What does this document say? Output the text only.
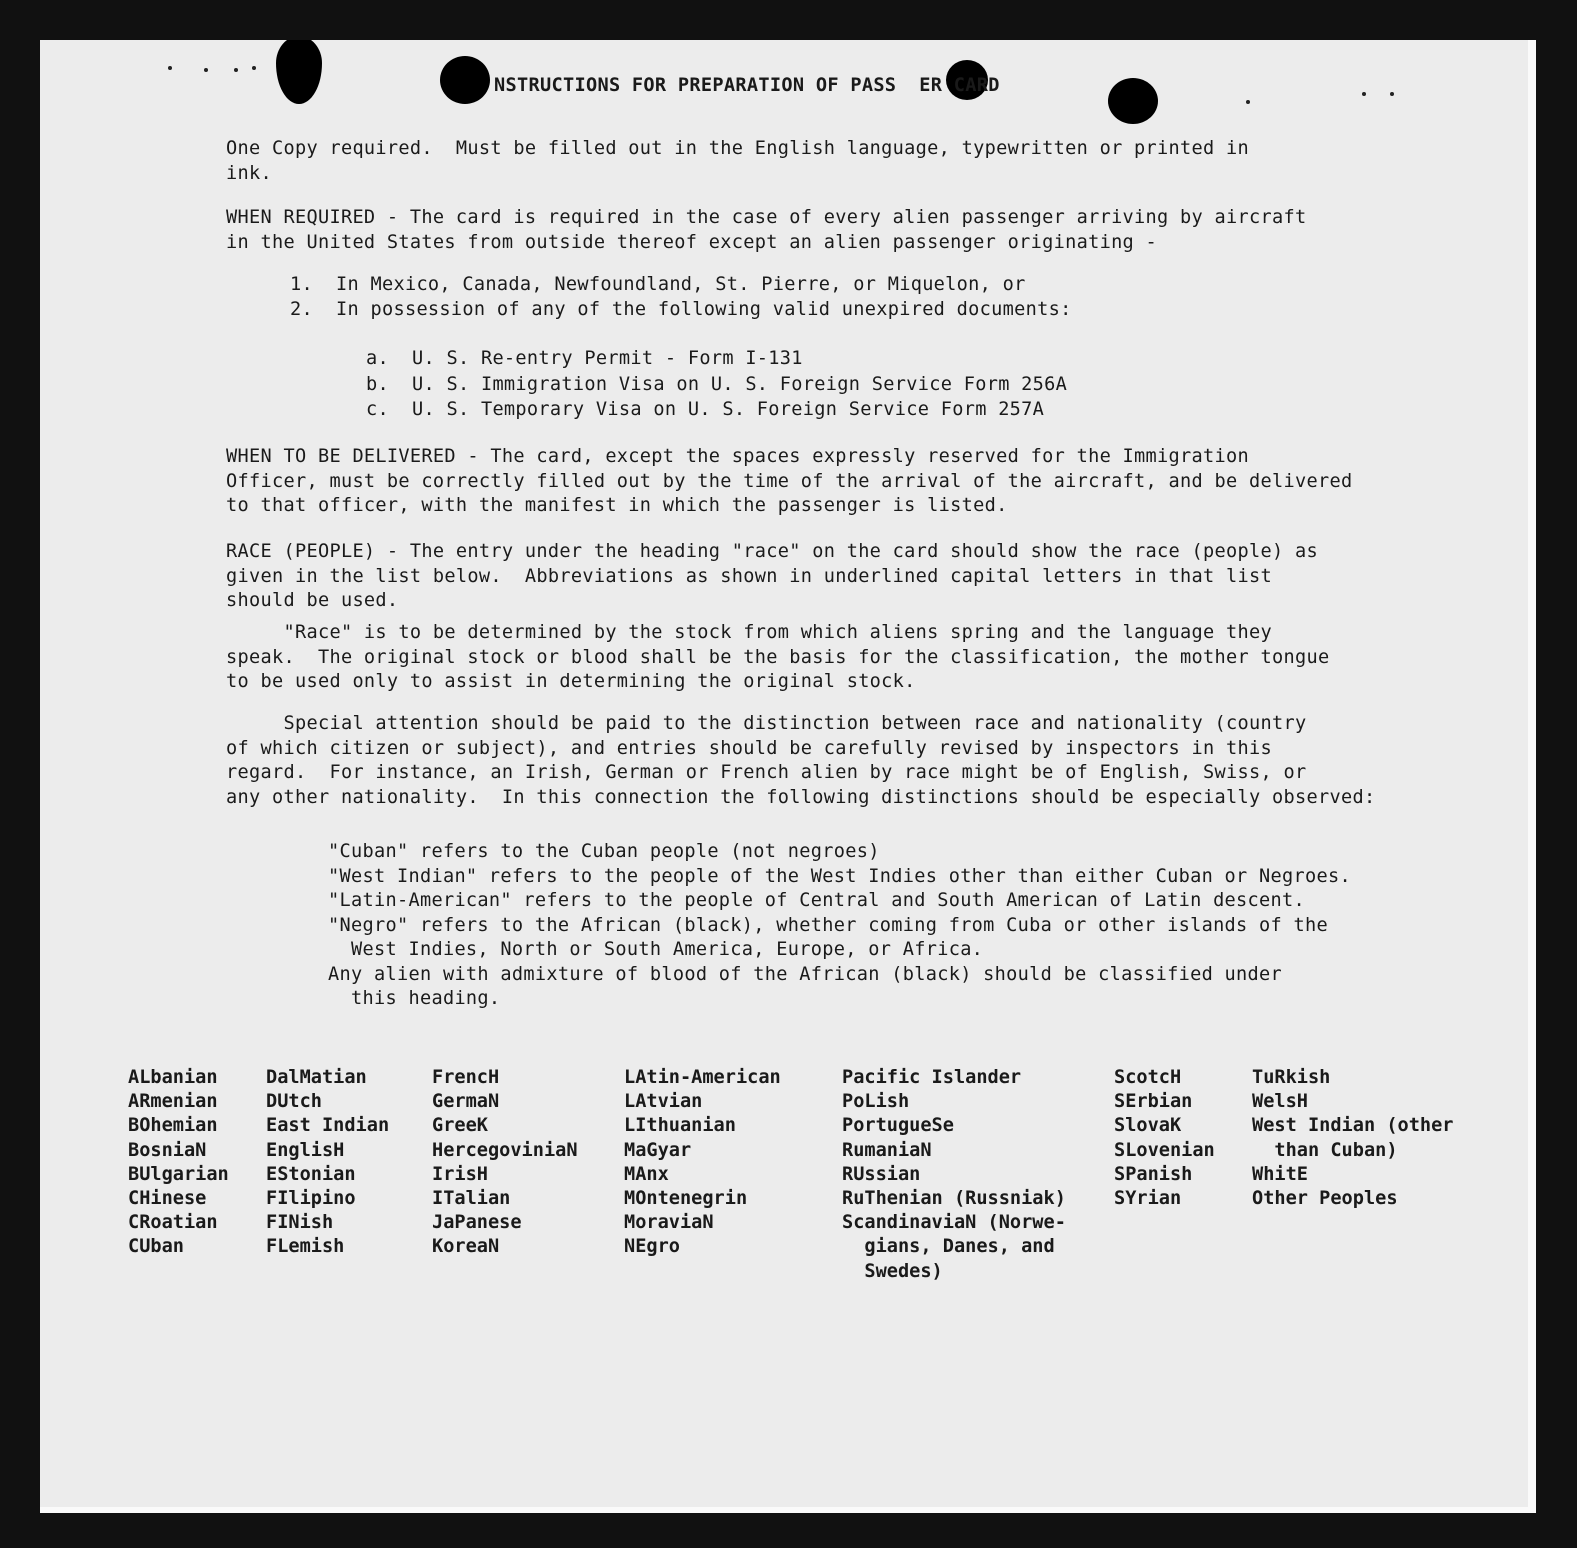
NSTRUCTIONS FOR PREPARATION OF PASS  ER CARD
One Copy required.  Must be filled out in the English language, typewritten or printed in
ink.
WHEN REQUIRED - The card is required in the case of every alien passenger arriving by aircraft
in the United States from outside thereof except an alien passenger originating -
1.  In Mexico, Canada, Newfoundland, St. Pierre, or Miquelon, or
2.  In possession of any of the following valid unexpired documents:
a.  U. S. Re-entry Permit - Form I-131
b.  U. S. Immigration Visa on U. S. Foreign Service Form 256A
c.  U. S. Temporary Visa on U. S. Foreign Service Form 257A
WHEN TO BE DELIVERED - The card, except the spaces expressly reserved for the Immigration
Officer, must be correctly filled out by the time of the arrival of the aircraft, and be delivered
to that officer, with the manifest in which the passenger is listed.
RACE (PEOPLE) - The entry under the heading "race" on the card should show the race (people) as
given in the list below.  Abbreviations as shown in underlined capital letters in that list
should be used.
"Race" is to be determined by the stock from which aliens spring and the language they
speak.  The original stock or blood shall be the basis for the classification, the mother tongue
to be used only to assist in determining the original stock.
Special attention should be paid to the distinction between race and nationality (country
of which citizen or subject), and entries should be carefully revised by inspectors in this
regard.  For instance, an Irish, German or French alien by race might be of English, Swiss, or
any other nationality.  In this connection the following distinctions should be especially observed:
"Cuban" refers to the Cuban people (not negroes)
"West Indian" refers to the people of the West Indies other than either Cuban or Negroes.
"Latin-American" refers to the people of Central and South American of Latin descent.
"Negro" refers to the African (black), whether coming from Cuba or other islands of the
West Indies, North or South America, Europe, or Africa.
Any alien with admixture of blood of the African (black) should be classified under
this heading.
ALbanian
ARmenian
BOhemian
BosniaN
BUlgarian
CHinese
CRoatian
CUban
DalMatian
DUtch
East Indian
EnglisH
EStonian
FIlipino
FINish
FLemish
FrencH
GermaN
GreeK
HercegoviniaN
IrisH
ITalian
JaPanese
KoreaN
LAtin-American
LAtvian
LIthuanian
MaGyar
MAnx
MOntenegrin
MoraviaN
NEgro
Pacific Islander
PoLish
PortugueSe
RumaniaN
RUssian
RuThenian (Russniak)
ScandinaviaN (Norwe-
gians, Danes, and
Swedes)
ScotcH
SErbian
SlovaK
SLovenian
SPanish
SYrian
TuRkish
WelsH
West Indian (other
than Cuban)
WhitE
Other Peoples
